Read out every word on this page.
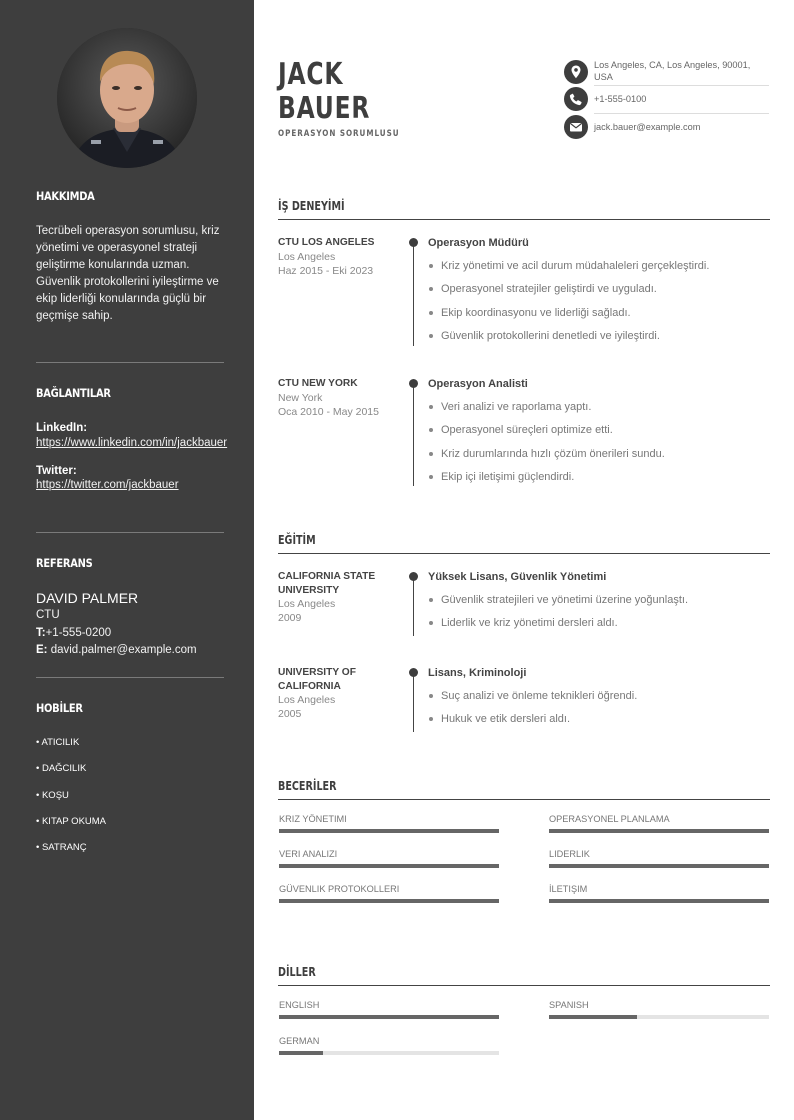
HAKKIMDA
Tecrübeli operasyon sorumlusu, kriz yönetimi ve operasyonel strateji geliştirme konularında uzman. Güvenlik protokollerini iyileştirme ve ekip liderliği konularında güçlü bir geçmişe sahip.
BAĞLANTILAR
LinkedIn:
https://www.linkedin.com/in/jackbauer
Twitter:
https://twitter.com/jackbauer
REFERANS
DAVID PALMER
CTU
T:+1-555-0200
E: david.palmer@example.com
HOBİLER
• ATICILIK
• DAĞCILIK
• KOŞU
• KITAP OKUMA
• SATRANÇ
JACK
BAUER
OPERASYON SORUMLUSU
Los Angeles, CA, Los Angeles, 90001, USA
+1-555-0100
jack.bauer@example.com
İŞ DENEYİMİ
CTU LOS ANGELES
Los Angeles
Haz 2015 - Eki 2023
Operasyon Müdürü
Kriz yönetimi ve acil durum müdahaleleri gerçekleştirdi.
Operasyonel stratejiler geliştirdi ve uyguladı.
Ekip koordinasyonu ve liderliği sağladı.
Güvenlik protokollerini denetledi ve iyileştirdi.
CTU NEW YORK
New York
Oca 2010 - May 2015
Operasyon Analisti
Veri analizi ve raporlama yaptı.
Operasyonel süreçleri optimize etti.
Kriz durumlarında hızlı çözüm önerileri sundu.
Ekip içi iletişimi güçlendirdi.
EĞİTİM
CALIFORNIA STATE UNIVERSITY
Los Angeles
2009
Yüksek Lisans, Güvenlik Yönetimi
Güvenlik stratejileri ve yönetimi üzerine yoğunlaştı.
Liderlik ve kriz yönetimi dersleri aldı.
UNIVERSITY OF CALIFORNIA
Los Angeles
2005
Lisans, Kriminoloji
Suç analizi ve önleme teknikleri öğrendi.
Hukuk ve etik dersleri aldı.
BECERİLER
KRIZ YÖNETIMI	OPERASYONEL PLANLAMA
VERI ANALIZI	LIDERLIK
GÜVENLIK PROTOKOLLERI	İLETIŞIM
DİLLER
ENGLISH	SPANISH
GERMAN
